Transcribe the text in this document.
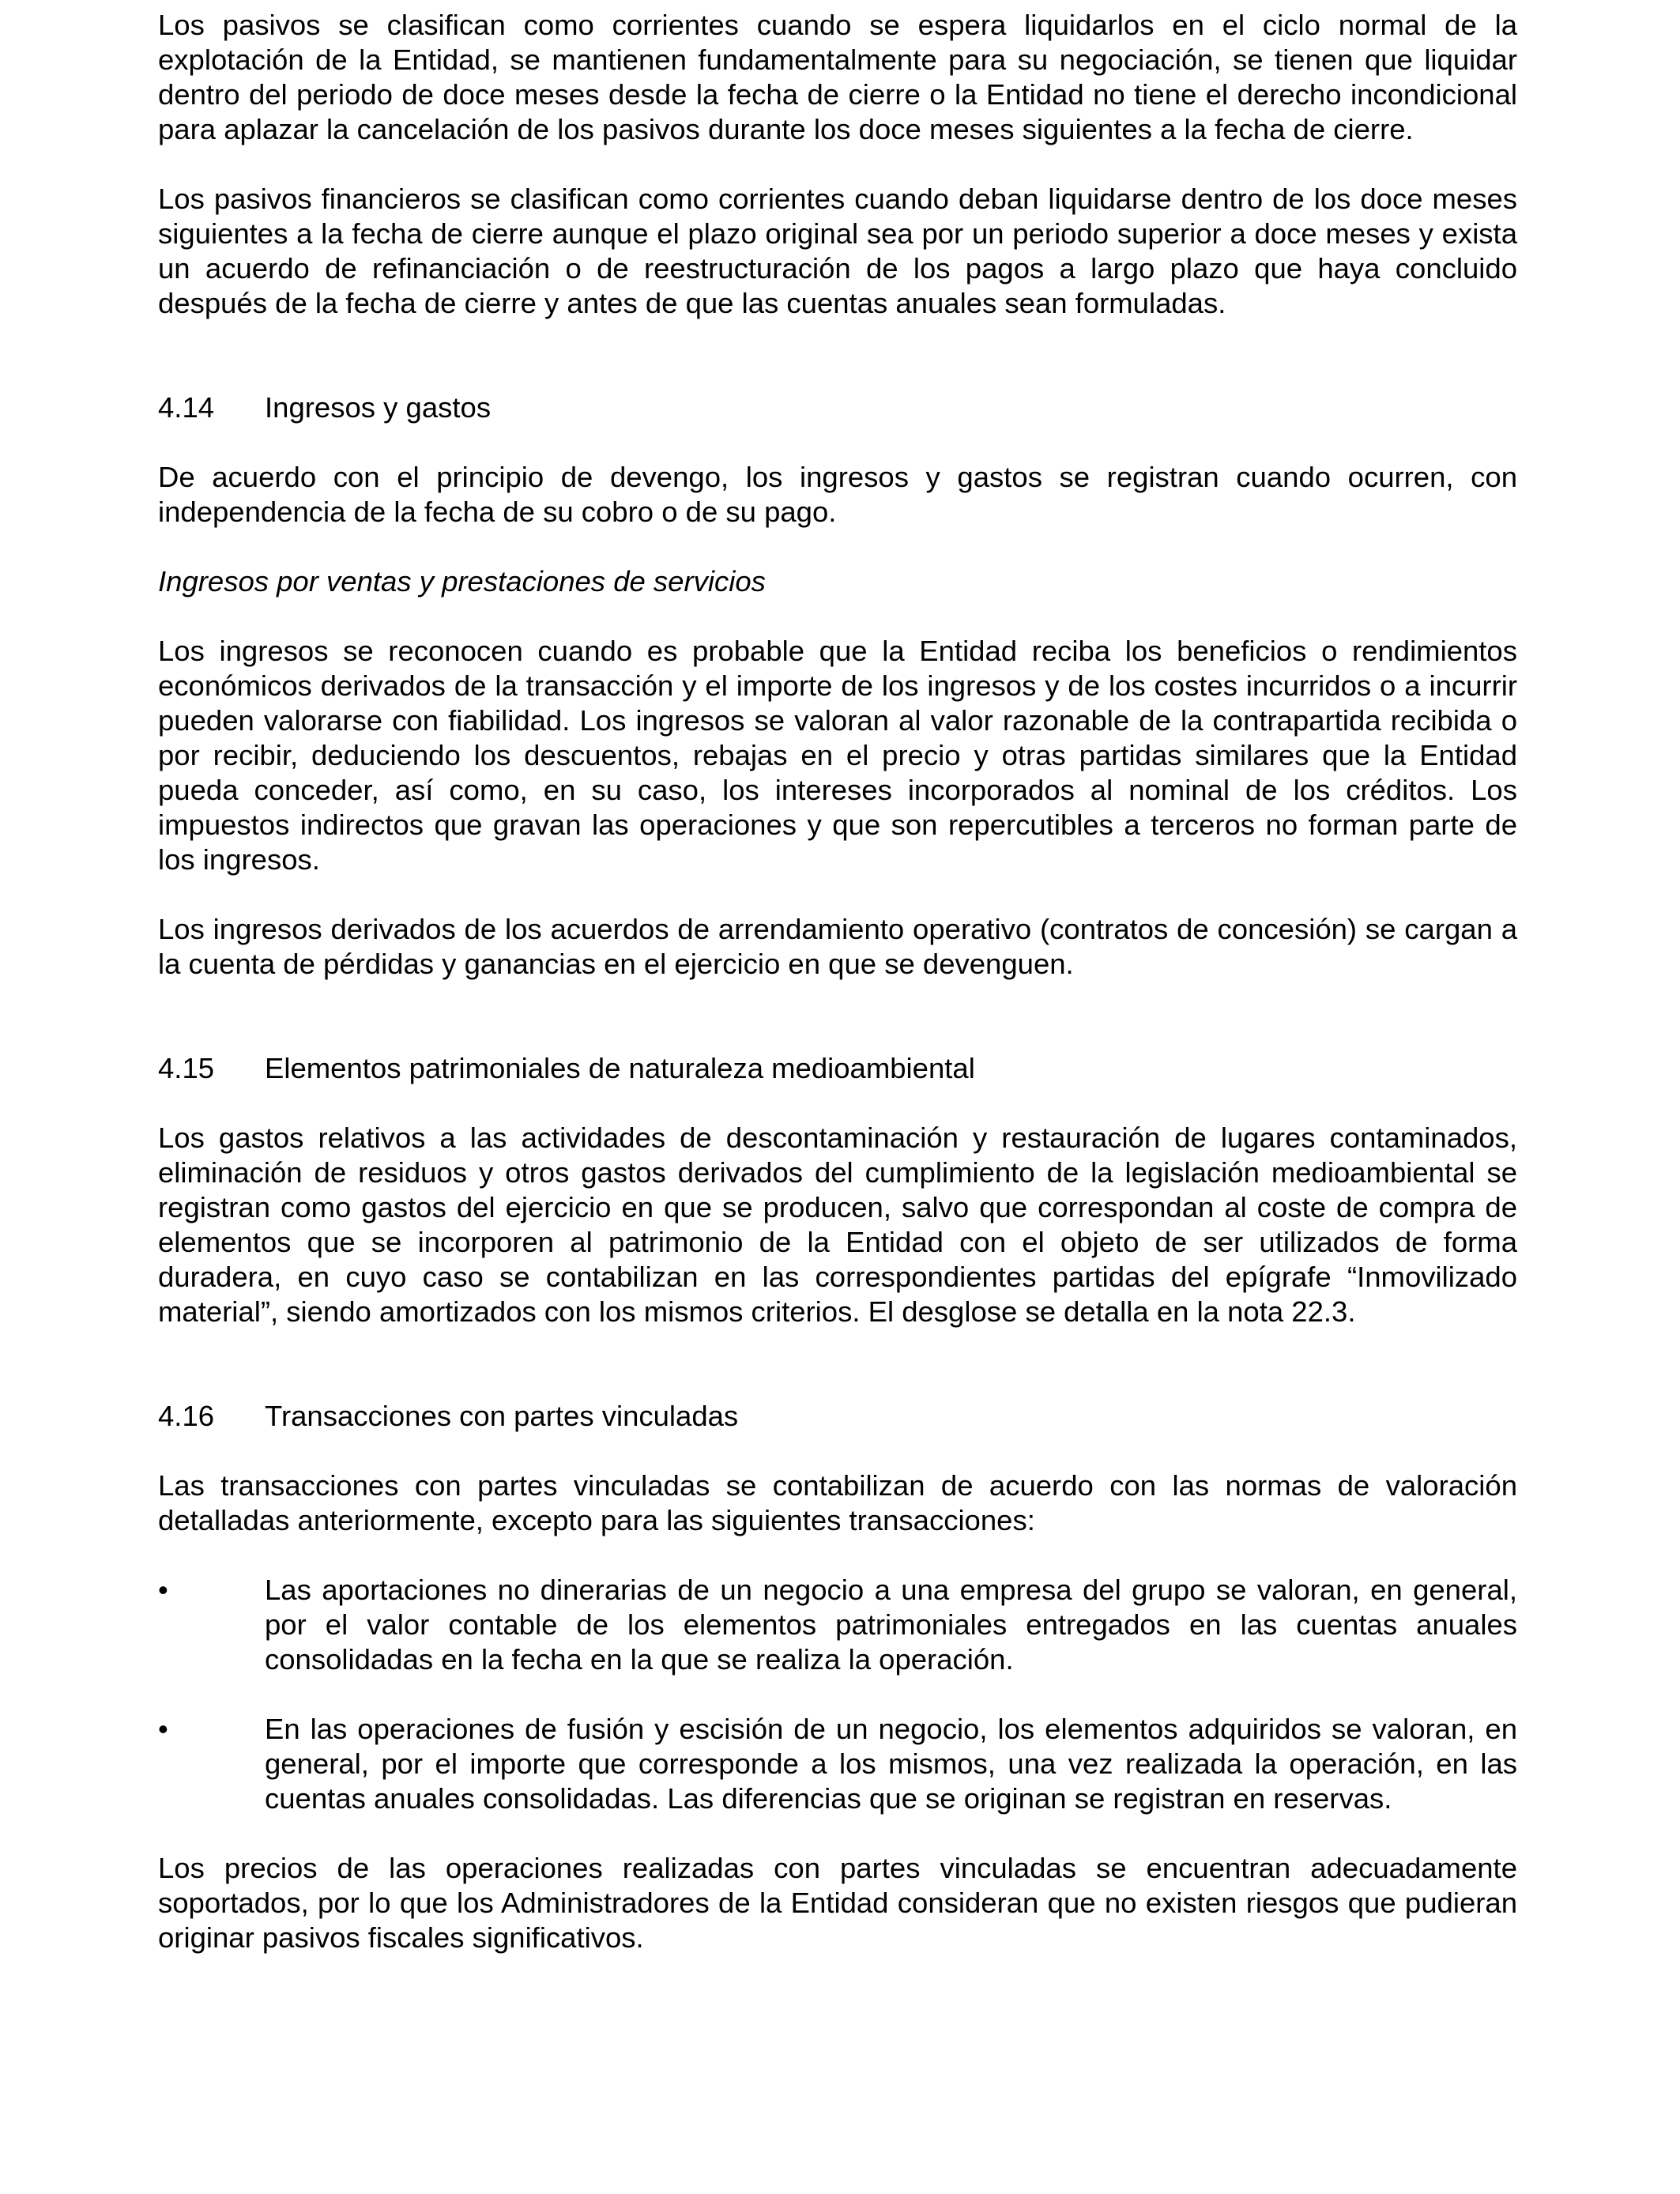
Los pasivos se clasifican como corrientes cuando se espera liquidarlos en el ciclo normal de la explotación de la Entidad, se mantienen fundamentalmente para su negociación, se tienen que liquidar dentro del periodo de doce meses desde la fecha de cierre o la Entidad no tiene el derecho incondicional para aplazar la cancelación de los pasivos durante los doce meses siguientes a la fecha de cierre.

Los pasivos financieros se clasifican como corrientes cuando deban liquidarse dentro de los doce meses siguientes a la fecha de cierre aunque el plazo original sea por un periodo superior a doce meses y exista un acuerdo de refinanciación o de reestructuración de los pagos a largo plazo que haya concluido después de la fecha de cierre y antes de que las cuentas anuales sean formuladas.

4.14	Ingresos y gastos

De acuerdo con el principio de devengo, los ingresos y gastos se registran cuando ocurren, con independencia de la fecha de su cobro o de su pago.

Ingresos por ventas y prestaciones de servicios

Los ingresos se reconocen cuando es probable que la Entidad reciba los beneficios o rendimientos económicos derivados de la transacción y el importe de los ingresos y de los costes incurridos o a incurrir pueden valorarse con fiabilidad. Los ingresos se valoran al valor razonable de la contrapartida recibida o por recibir, deduciendo los descuentos, rebajas en el precio y otras partidas similares que la Entidad pueda conceder, así como, en su caso, los intereses incorporados al nominal de los créditos. Los impuestos indirectos que gravan las operaciones y que son repercutibles a terceros no forman parte de los ingresos.

Los ingresos derivados de los acuerdos de arrendamiento operativo (contratos de concesión) se cargan a la cuenta de pérdidas y ganancias en el ejercicio en que se devenguen.

4.15	Elementos patrimoniales de naturaleza medioambiental

Los gastos relativos a las actividades de descontaminación y restauración de lugares contaminados, eliminación de residuos y otros gastos derivados del cumplimiento de la legislación medioambiental se registran como gastos del ejercicio en que se producen, salvo que correspondan al coste de compra de elementos que se incorporen al patrimonio de la Entidad con el objeto de ser utilizados de forma duradera, en cuyo caso se contabilizan en las correspondientes partidas del epígrafe “Inmovilizado material”, siendo amortizados con los mismos criterios. El desglose se detalla en la nota 22.3.

4.16	Transacciones con partes vinculadas

Las transacciones con partes vinculadas se contabilizan de acuerdo con las normas de valoración detalladas anteriormente, excepto para las siguientes transacciones:

•	Las aportaciones no dinerarias de un negocio a una empresa del grupo se valoran, en general, por el valor contable de los elementos patrimoniales entregados en las cuentas anuales consolidadas en la fecha en la que se realiza la operación.
•	En las operaciones de fusión y escisión de un negocio, los elementos adquiridos se valoran, en general, por el importe que corresponde a los mismos, una vez realizada la operación, en las cuentas anuales consolidadas. Las diferencias que se originan se registran en reservas.

Los precios de las operaciones realizadas con partes vinculadas se encuentran adecuadamente soportados, por lo que los Administradores de la Entidad consideran que no existen riesgos que pudieran originar pasivos fiscales significativos.
